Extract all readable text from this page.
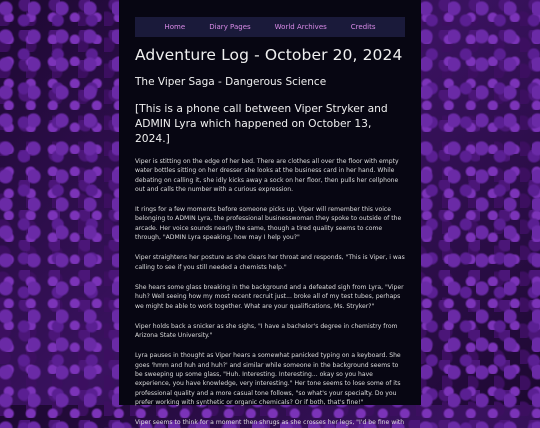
Home	Diary Pages	World Archives	Credits
Adventure Log - October 20, 2024
The Viper Saga - Dangerous Science
[This is a phone call between Viper Stryker and ADMIN Lyra which happened on October 13, 2024.]

Viper is stitting on the edge of her bed. There are clothes all over the floor with empty water bottles sitting on her dresser she looks at the business card in her hand. While debating on calling it, she idly kicks away a sock on her floor, then pulls her cellphone out and calls the number with a curious expression.

It rings for a few moments before someone picks up. Viper will remember this voice belonging to ADMIN Lyra, the professional businesswoman they spoke to outside of the arcade. Her voice sounds nearly the same, though a tired quality seems to come through, "ADMIN Lyra speaking, how may I help you?"

Viper straightens her posture as she clears her throat and responds, "This is Viper, i was calling to see if you still needed a chemists help."

She hears some glass breaking in the background and a defeated sigh from Lyra, "Viper huh? Well seeing how my most recent recruit just... broke all of my test tubes, perhaps we might be able to work together. What are your qualifications, Ms. Stryker?"

Viper holds back a snicker as she sighs, "I have a bachelor's degree in chemistry from Arizona State University."

Lyra pauses in thought as Viper hears a somewhat panicked typing on a keyboard. She goes 'hmm and huh and huh?' and similar while someone in the background seems to be sweeping up some glass, "Huh. Interesting. Interesting... okay so you have experience, you have knowledge, very interesting." Her tone seems to lose some of its professional quality and a more casual tone follows, "so what's your specialty. Do you prefer working with synthetic or organic chemicals? Or if both, that's fine!"

Viper seems to think for a moment then shrugs as she crosses her legs, "I'd be fine with
